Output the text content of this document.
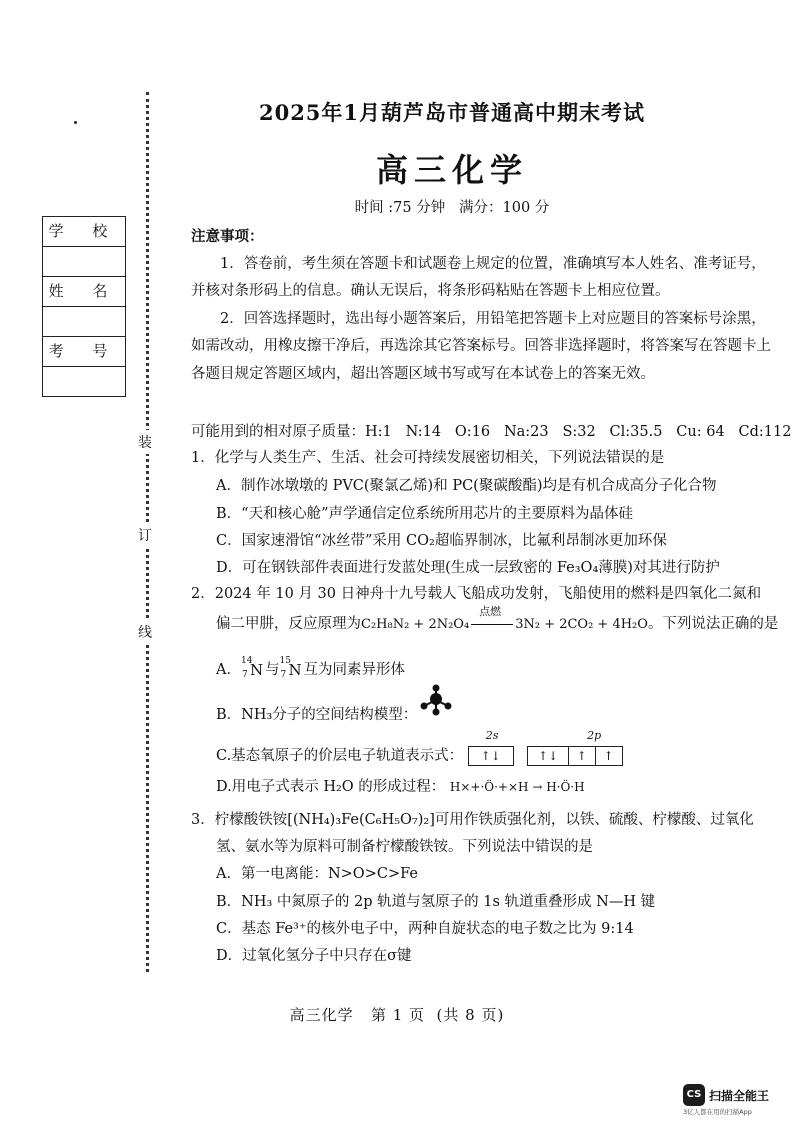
装
订
线
学 校
姓 名
考 号
2025年1月葫芦岛市普通高中期末考试
高三化学
时间 :75 分钟   满分：100 分
注意事项：

1．答卷前，考生须在答题卡和试题卷上规定的位置，准确填写本人姓名、准考证号，并核对条形码上的信息。确认无误后，将条形码粘贴在答题卡上相应位置。

2．回答选择题时，选出每小题答案后，用铅笔把答题卡上对应题目的答案标号涂黑，如需改动，用橡皮擦干净后，再选涂其它答案标号。回答非选择题时，将答案写在答题卡上各题目规定答题区域内，超出答题区域书写或写在本试卷上的答案无效。

可能用到的相对原子质量：H:1   N:14   O:16   Na:23   S:32   Cl:35.5   Cu: 64   Cd:112
1．化学与人类生产、生活、社会可持续发展密切相关，下列说法错误的是
A．制作冰墩墩的 PVC(聚氯乙烯)和 PC(聚碳酸酯)均是有机合成高分子化合物
B．“天和核心舱”声学通信定位系统所用芯片的主要原料为晶体硅
C．国家速滑馆“冰丝带”采用 CO₂超临界制冰，比氟利昂制冰更加环保
D．可在钢铁部件表面进行发蓝处理(生成一层致密的 Fe₃O₄薄膜)对其进行防护
2．2024 年 10 月 30 日神舟十九号载人飞船成功发射，飞船使用的燃料是四氧化二氮和
偏二甲肼，反应原理为C₂H₈N₂ + 2N₂O₄
点燃
3N₂ + 2CO₂ + 4H₂O。下列说法正确的是
A．
14
7 N 与
15
7 N 互为同素异形体
B．NH₃分子的空间结构模型：
C.基态氧原子的价层电子轨道表示式：
2s
↑↓
2p
↑↓ ↑ ↑
D.用电子式表示 H₂O 的形成过程： H×+·Ö·+×H → H·Ö·H
3．柠檬酸铁铵[(NH₄)₃Fe(C₆H₅O₇)₂]可用作铁质强化剂，以铁、硫酸、柠檬酸、过氧化
氢、氨水等为原料可制备柠檬酸铁铵。下列说法中错误的是
A．第一电离能：N>O>C>Fe
B．NH₃ 中氮原子的 2p 轨道与氢原子的 1s 轨道重叠形成 N—H 键
C．基态 Fe³⁺的核外电子中，两种自旋状态的电子数之比为 9:14
D．过氧化氢分子中只存在σ键
高三化学   第 1 页  (共 8 页)
CS 扫描全能王
3亿人都在用的扫描App
